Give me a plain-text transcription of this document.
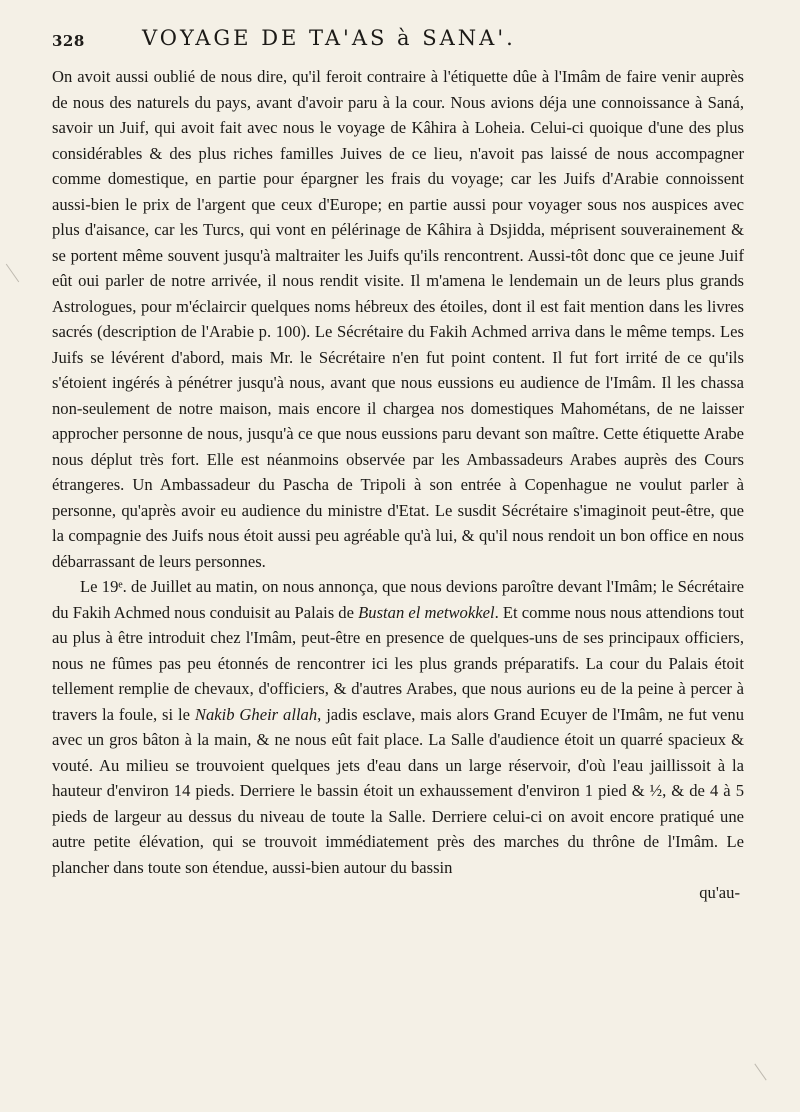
328	VOYAGE DE TA'AS à SANA'.

On avoit aussi oublié de nous dire, qu'il feroit contraire à l'étiquette dûe à l'Imâm de faire venir auprès de nous des naturels du pays, avant d'avoir paru à la cour. Nous avions déja une connoissance à Saná, savoir un Juif, qui avoit fait avec nous le voyage de Kâhira à Loheia. Celui-ci quoique d'une des plus considérables & des plus riches familles Juives de ce lieu, n'avoit pas laissé de nous accompagner comme domestique, en partie pour épargner les frais du voyage; car les Juifs d'Arabie connoissent aussi-bien le prix de l'argent que ceux d'Europe; en partie aussi pour voyager sous nos auspices avec plus d'aisance, car les Turcs, qui vont en pélérinage de Kâhira à Dsjidda, méprisent souverainement & se portent même souvent jusqu'à maltraiter les Juifs qu'ils rencontrent. Aussi-tôt donc que ce jeune Juif eût oui parler de notre arrivée, il nous rendit visite. Il m'amena le lendemain un de leurs plus grands Astrologues, pour m'éclaircir quelques noms hébreux des étoiles, dont il est fait mention dans les livres sacrés (description de l'Arabie p. 100). Le Sécrétaire du Fakih Achmed arriva dans le même temps. Les Juifs se lévérent d'abord, mais Mr. le Sécrétaire n'en fut point content. Il fut fort irrité de ce qu'ils s'étoient ingérés à pénétrer jusqu'à nous, avant que nous eussions eu audience de l'Imâm. Il les chassa non-seulement de notre maison, mais encore il chargea nos domestiques Mahométans, de ne laisser approcher personne de nous, jusqu'à ce que nous eussions paru devant son maître. Cette étiquette Arabe nous déplut très fort. Elle est néanmoins observée par les Ambassadeurs Arabes auprès des Cours étrangeres. Un Ambassadeur du Pascha de Tripoli à son entrée à Copenhague ne voulut parler à personne, qu'après avoir eu audience du ministre d'Etat. Le susdit Sécrétaire s'imaginoit peut-être, que la compagnie des Juifs nous étoit aussi peu agréable qu'à lui, & qu'il nous rendoit un bon office en nous débarrassant de leurs personnes.

Le 19ᵉ. de Juillet au matin, on nous annonça, que nous devions paroître devant l'Imâm; le Sécrétaire du Fakih Achmed nous conduisit au Palais de Bustan el metwokkel. Et comme nous nous attendions tout au plus à être introduit chez l'Imâm, peut-être en presence de quelques-uns de ses principaux officiers, nous ne fûmes pas peu étonnés de rencontrer ici les plus grands préparatifs. La cour du Palais étoit tellement remplie de chevaux, d'officiers, & d'autres Arabes, que nous aurions eu de la peine à percer à travers la foule, si le Nakib Gheir allah, jadis esclave, mais alors Grand Ecuyer de l'Imâm, ne fut venu avec un gros bâton à la main, & ne nous eût fait place. La Salle d'audience étoit un quarré spacieux & vouté. Au milieu se trouvoient quelques jets d'eau dans un large réservoir, d'où l'eau jaillissoit à la hauteur d'environ 14 pieds. Derriere le bassin étoit un exhaussement d'environ 1 pied & ½, & de 4 à 5 pieds de largeur au dessus du niveau de toute la Salle. Derriere celui-ci on avoit encore pratiqué une autre petite élévation, qui se trouvoit immédiatement près des marches du thrône de l'Imâm. Le plancher dans toute son étendue, aussi-bien autour du bassin

qu'au-
